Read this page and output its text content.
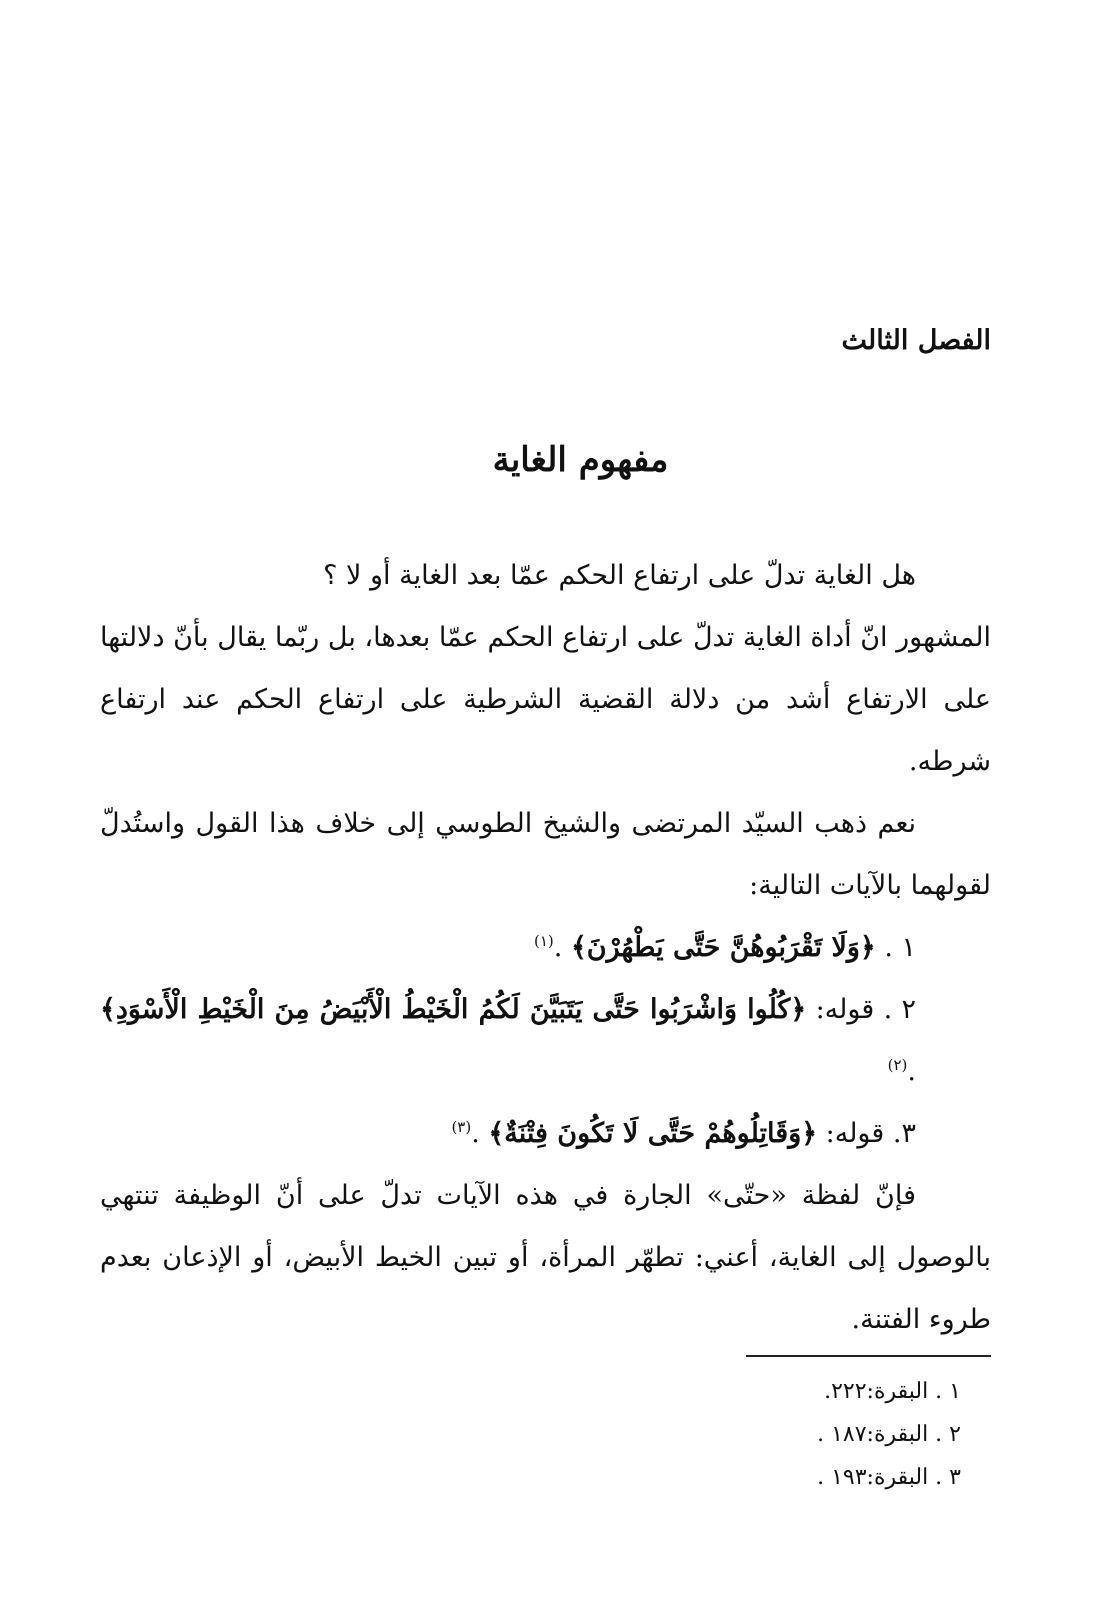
الفصل الثالث
مفهوم الغاية

هل الغاية تدلّ على ارتفاع الحكم عمّا بعد الغاية أو لا ؟

المشهور انّ أداة الغاية تدلّ على ارتفاع الحكم عمّا بعدها، بل ربّما يقال بأنّ دلالتها على الارتفاع أشد من دلالة القضية الشرطية على ارتفاع الحكم عند ارتفاع شرطه.

نعم ذهب السيّد المرتضى والشيخ الطوسي إلى خلاف هذا القول واستُدلّ لقولهما بالآيات التالية:

١ . ﴿وَلَا تَقْرَبُوهُنَّ حَتَّى يَطْهُرْنَ﴾ .$^{(١)}$

٢ . قوله: ﴿كُلُوا وَاشْرَبُوا حَتَّى يَتَبَيَّنَ لَكُمُ الْخَيْطُ الْأَبْيَضُ مِنَ الْخَيْطِ الْأَسْوَدِ﴾ .$^{(٢)}$

٣. قوله: ﴿وَقَاتِلُوهُمْ حَتَّى لَا تَكُونَ فِتْنَةٌ﴾ .$^{(٣)}$

فإنّ لفظة «حتّى» الجارة في هذه الآيات تدلّ على أنّ الوظيفة تنتهي بالوصول إلى الغاية، أعني: تطهّر المرأة، أو تبين الخيط الأبيض، أو الإذعان بعدم طروء الفتنة.

١ . البقرة:٢٢٢.
٢ . البقرة:١٨٧ .
٣ . البقرة:١٩٣ .
